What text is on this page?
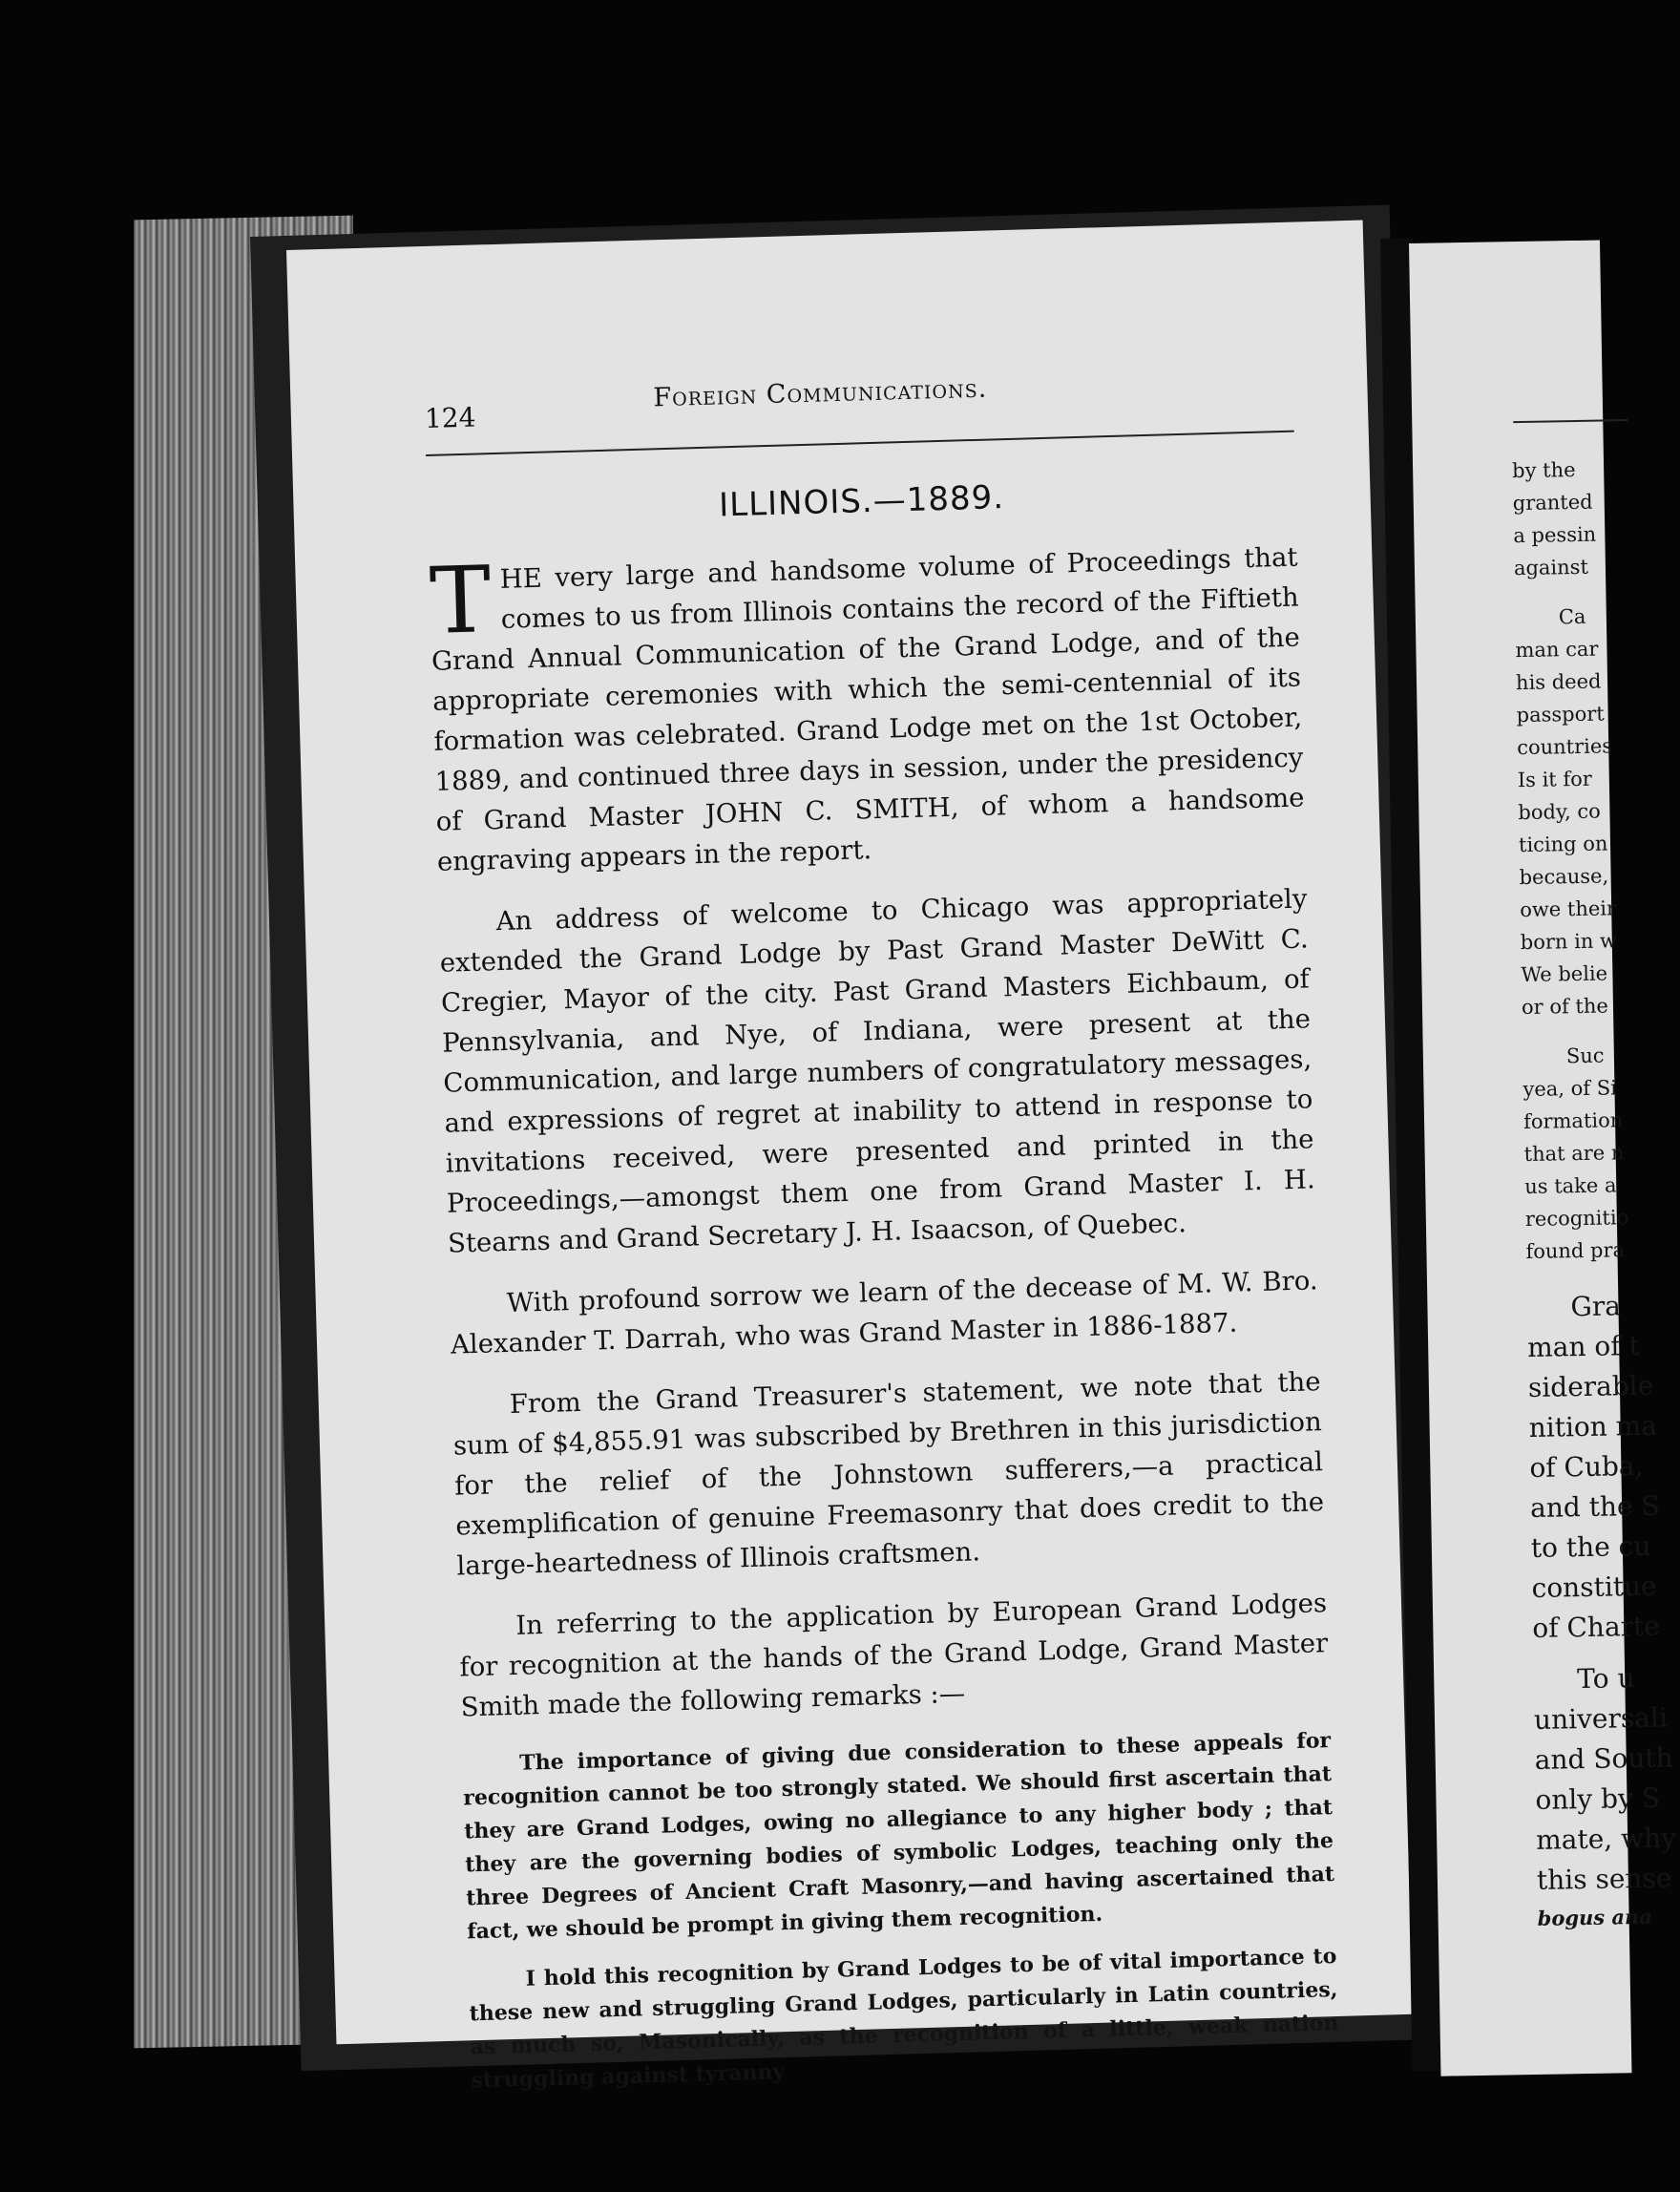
124
Foreign Communications.
ILLINOIS.—1889.

THE very large and handsome volume of Proceedings that comes to us from Illinois contains the record of the Fiftieth Grand Annual Communication of the Grand Lodge, and of the appropriate ceremonies with which the semi-centennial of its formation was celebrated. Grand Lodge met on the 1st October, 1889, and continued three days in session, under the presidency of Grand Master JOHN C. SMITH, of whom a handsome engraving appears in the report.

An address of welcome to Chicago was appropriately extended the Grand Lodge by Past Grand Master DeWitt C. Cregier, Mayor of the city. Past Grand Masters Eichbaum, of Pennsylvania, and Nye, of Indiana, were present at the Communication, and large numbers of congratulatory messages, and expressions of regret at inability to attend in response to invitations received, were presented and printed in the Proceedings,—amongst them one from Grand Master I. H. Stearns and Grand Secretary J. H. Isaacson, of Quebec.

With profound sorrow we learn of the decease of M. W. Bro. Alexander T. Darrah, who was Grand Master in 1886-1887.

From the Grand Treasurer's statement, we note that the sum of $4,855.91 was subscribed by Brethren in this jurisdiction for the relief of the Johnstown sufferers,—a practical exemplification of genuine Freemasonry that does credit to the large-heartedness of Illinois craftsmen.

In referring to the application by European Grand Lodges for recognition at the hands of the Grand Lodge, Grand Master Smith made the following remarks :—

The importance of giving due consideration to these appeals for recognition cannot be too strongly stated. We should first ascertain that they are Grand Lodges, owing no allegiance to any higher body ; that they are the governing bodies of symbolic Lodges, teaching only the three Degrees of Ancient Craft Masonry,—and having ascertained that fact, we should be prompt in giving them recognition.
I hold this recognition by Grand Lodges to be of vital importance to these new and struggling Grand Lodges, particularly in Latin countries, as much so, Masonically, as the recognition of a little, weak nation struggling against tyranny
by the
granted
a pessin
against
Ca
man car
his deed
passport
countries
Is it for
body, co
ticing on
because,
owe their
born in w
We belie
or of the
Suc
yea, of Si
formation
that are n
us take a
recognitio
found pra
Gra
man of t
siderable
nition ma
of Cuba,
and the S
to the cu
constitue
of Charte
To u
universali
and South
only by S
mate, why
this sense
bogus ana
